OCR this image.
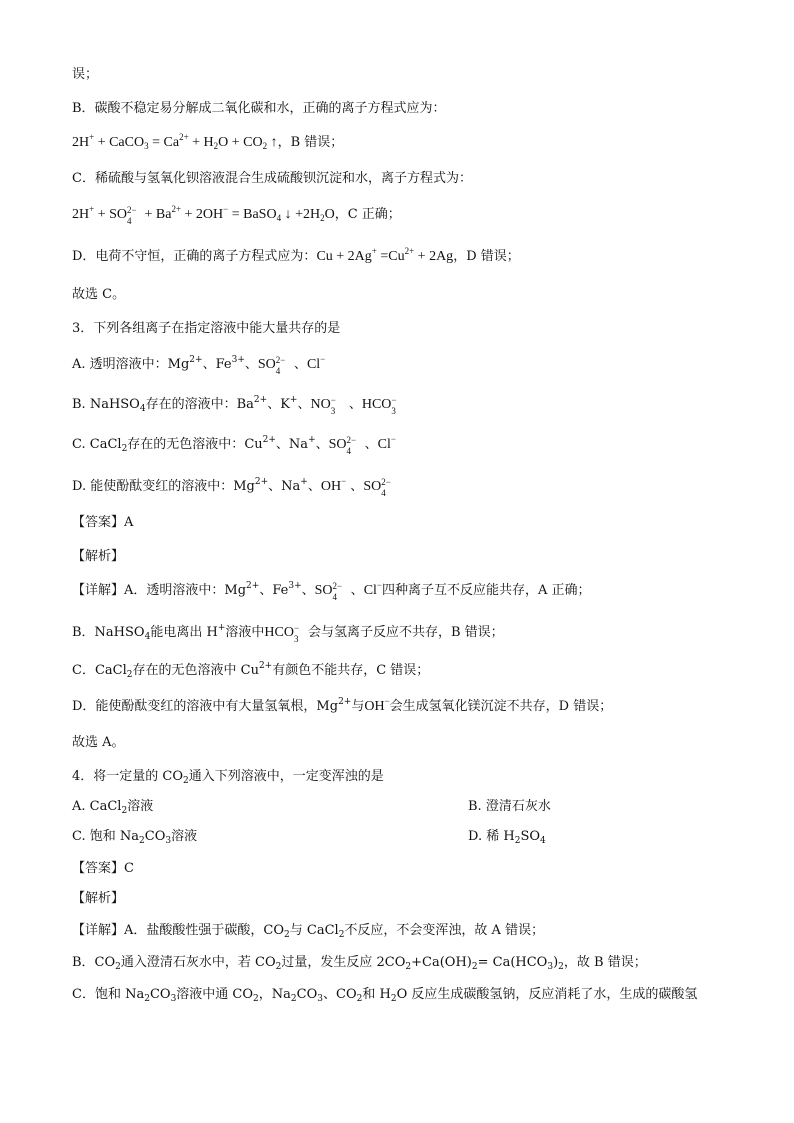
误；
B．碳酸不稳定易分解成二氧化碳和水，正确的离子方程式应为：
2H+ + CaCO$_3$ = $Ca^{2+} + H_2O + CO_2$ ↑，B 错误；
C．稀硫酸与氢氧化钡溶液混合生成硫酸钡沉淀和水，离子方程式为：
2H+ + SO 2−
$4 + Ba^{2+} + 2OH^-$ = BaSO$_4$ ↓ $+2H_2O$，C 正确；
D．电荷不守恒，正确的离子方程式应为：$Cu + 2Ag^+ =Cu^{2+} + 2Ag$，D 错误；
故选 C。
3．下列各组离子在指定溶液中能大量共存的是
A. 透明溶液中：$Mg^{2+}$、$Fe^{3+}$、SO 2−
4 、Cl−
B. NaHSO$_4$存在的溶液中：$Ba^{2+}$、K+、NO −
3 、HCO −
3
C. CaCl$_2$存在的无色溶液中：$Cu^{2+}$、Na+、SO 2−
4 、Cl−
D. 能使酚酞变红的溶液中：$Mg^{2+}$、Na+、OH− 、SO 2−
4
【答案】A
【解析】
【详解】A．透明溶液中：$Mg^{2+}$、$Fe^{3+}$、SO 2−
4 、Cl−四种离子互不反应能共存，A 正确；
B．NaHSO$_4$能电离出 H+溶液中HCO −
3 会与氢离子反应不共存，B 错误；
C．CaCl$_2$存在的无色溶液中 $Cu^{2+}$有颜色不能共存，C 错误；
D．能使酚酞变红的溶液中有大量氢氧根，$Mg^{2+}$与OH−会生成氢氧化镁沉淀不共存，D 错误；
故选 A。
4．将一定量的 $CO_2$通入下列溶液中，一定变浑浊的是
A. CaCl$_2$溶液	B. 澄清石灰水
C. 饱和 $Na_2CO_3$溶液	D. 稀 $H_2SO_4$
【答案】C
【解析】
【详解】A．盐酸酸性强于碳酸，$CO_2$与 CaCl$_2$不反应，不会变浑浊，故 A 错误；
B．$CO_2$通入澄清石灰水中，若 $CO_2$过量，发生反应 $2CO_2+Ca(OH)_2= Ca(HCO_3)_2$，故 B 错误；
C．饱和 $Na_2CO_3$溶液中通 $CO_2$，$Na_2CO_3$、$CO_2$和 $H_2O$ 反应生成碳酸氢钠，反应消耗了水，生成的碳酸氢
